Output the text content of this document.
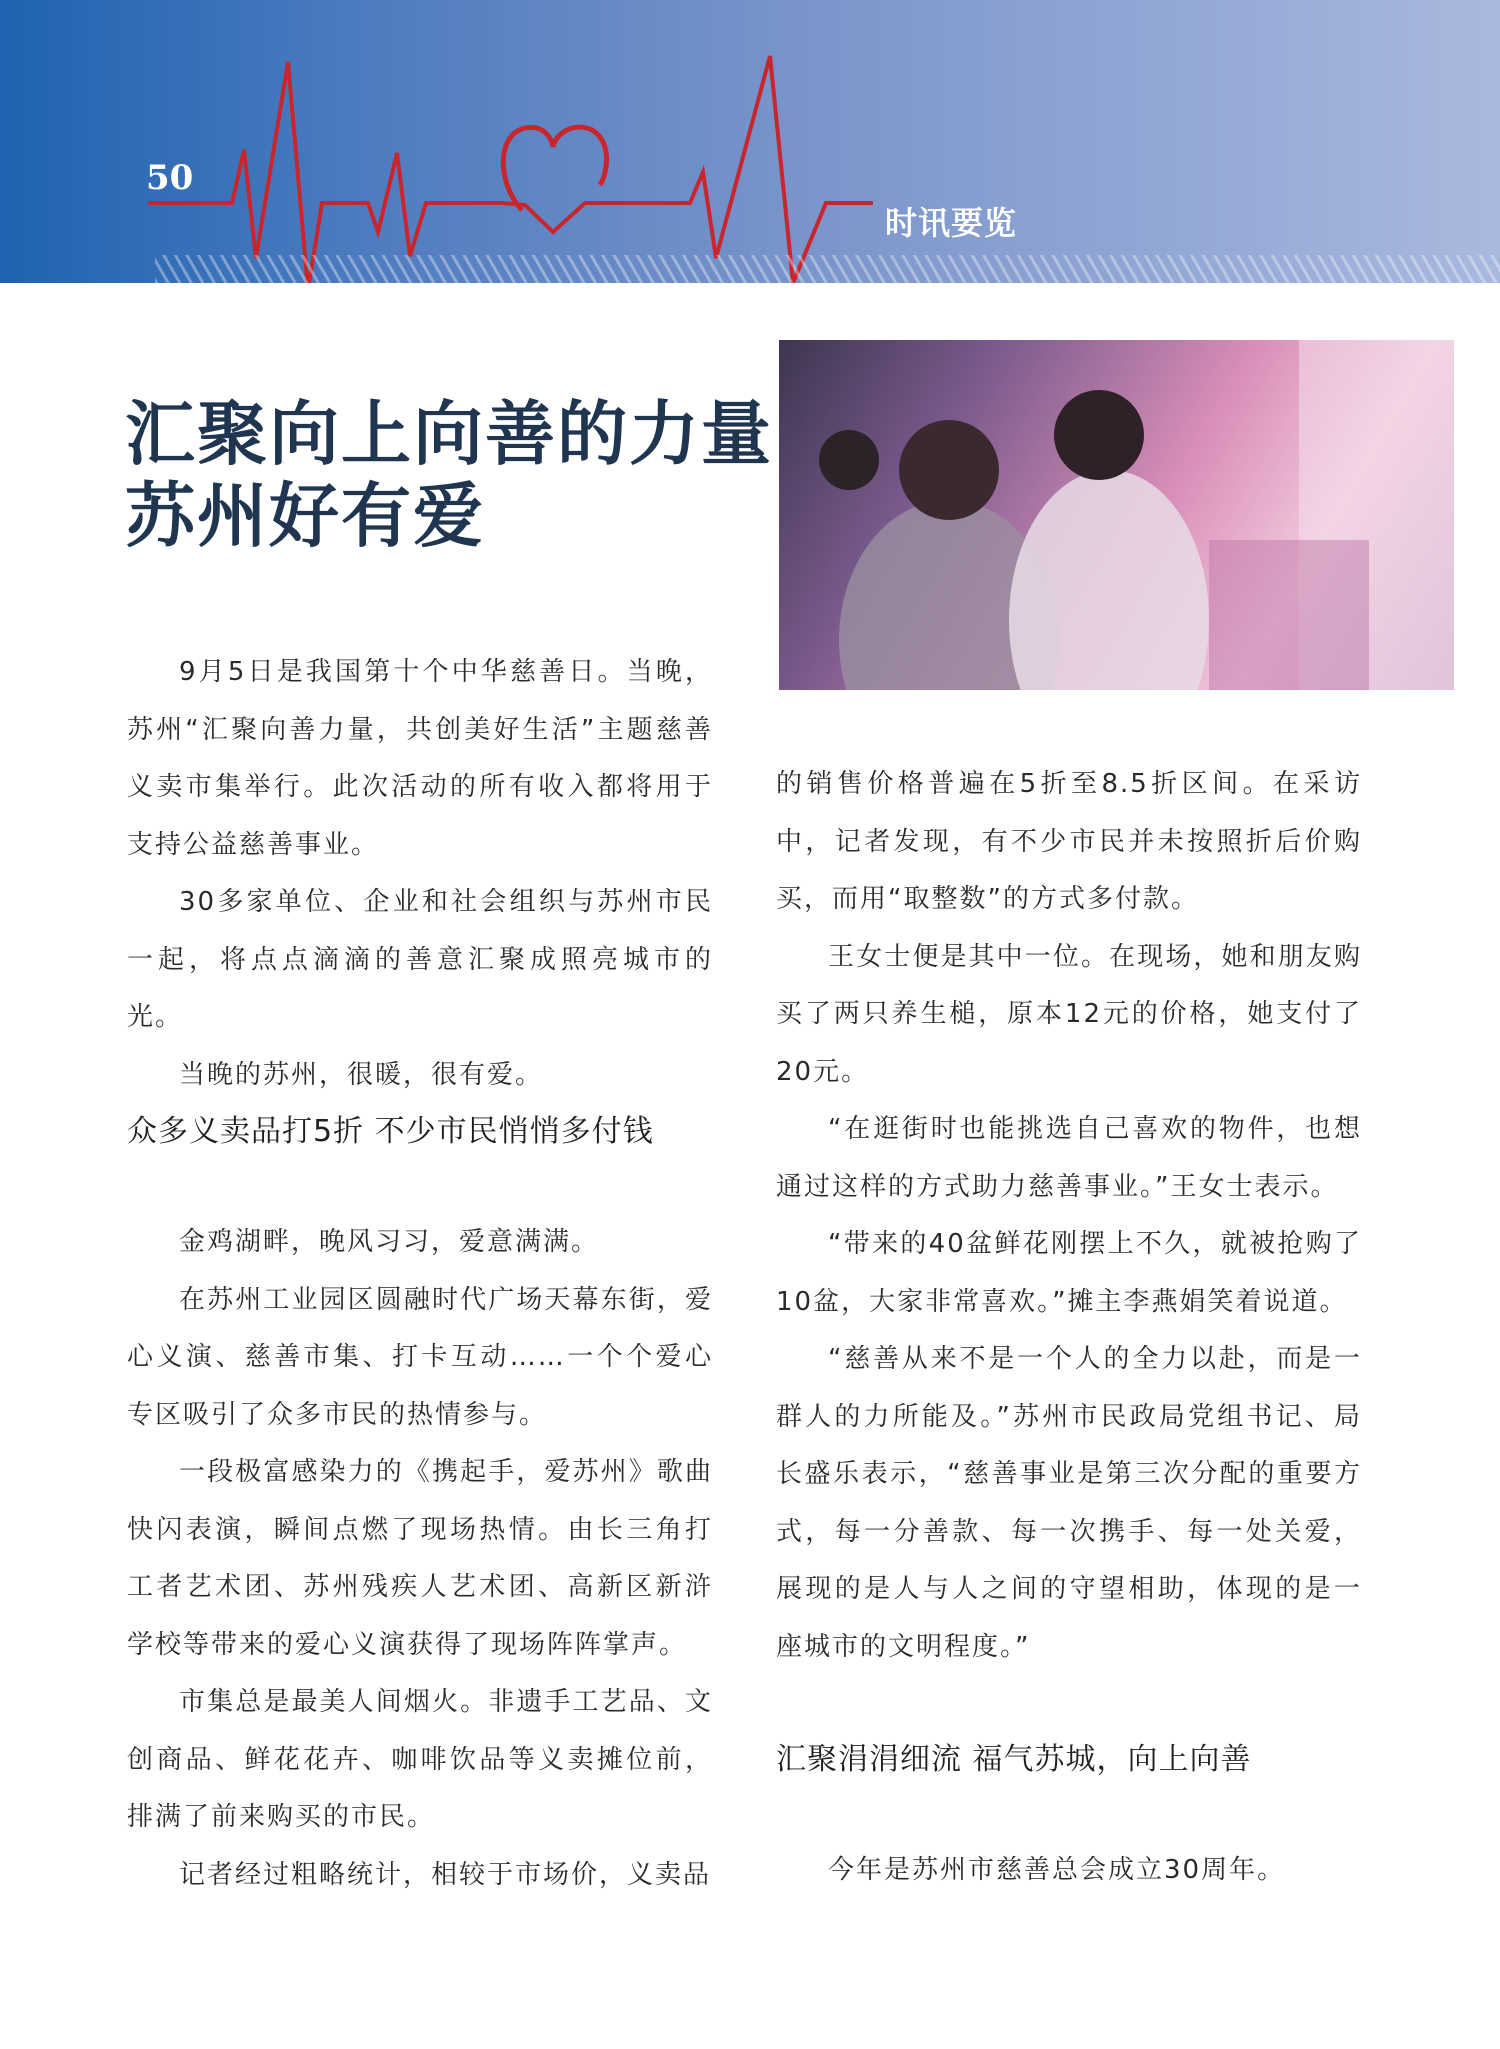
50
时讯要览
汇聚向上向善的力量
苏州好有爱

9月5日是我国第十个中华慈善日。当晚，苏州“汇聚向善力量，共创美好生活”主题慈善义卖市集举行。此次活动的所有收入都将用于支持公益慈善事业。

30多家单位、企业和社会组织与苏州市民一起，将点点滴滴的善意汇聚成照亮城市的光。

当晚的苏州，很暖，很有爱。

众多义卖品打5折 不少市民悄悄多付钱

金鸡湖畔，晚风习习，爱意满满。

在苏州工业园区圆融时代广场天幕东街，爱心义演、慈善市集、打卡互动……一个个爱心专区吸引了众多市民的热情参与。

一段极富感染力的《携起手，爱苏州》歌曲快闪表演，瞬间点燃了现场热情。由长三角打工者艺术团、苏州残疾人艺术团、高新区新浒学校等带来的爱心义演获得了现场阵阵掌声。

市集总是最美人间烟火。非遗手工艺品、文创商品、鲜花花卉、咖啡饮品等义卖摊位前，排满了前来购买的市民。

记者经过粗略统计，相较于市场价，义卖品

的销售价格普遍在5折至8.5折区间。在采访中，记者发现，有不少市民并未按照折后价购买，而用“取整数”的方式多付款。

王女士便是其中一位。在现场，她和朋友购买了两只养生槌，原本12元的价格，她支付了20元。

“在逛街时也能挑选自己喜欢的物件，也想通过这样的方式助力慈善事业。”王女士表示。

“带来的40盆鲜花刚摆上不久，就被抢购了10盆，大家非常喜欢。”摊主李燕娟笑着说道。

“慈善从来不是一个人的全力以赴，而是一群人的力所能及。”苏州市民政局党组书记、局长盛乐表示，“慈善事业是第三次分配的重要方式，每一分善款、每一次携手、每一处关爱，展现的是人与人之间的守望相助，体现的是一座城市的文明程度。”

汇聚涓涓细流 福气苏城，向上向善

今年是苏州市慈善总会成立30周年。
